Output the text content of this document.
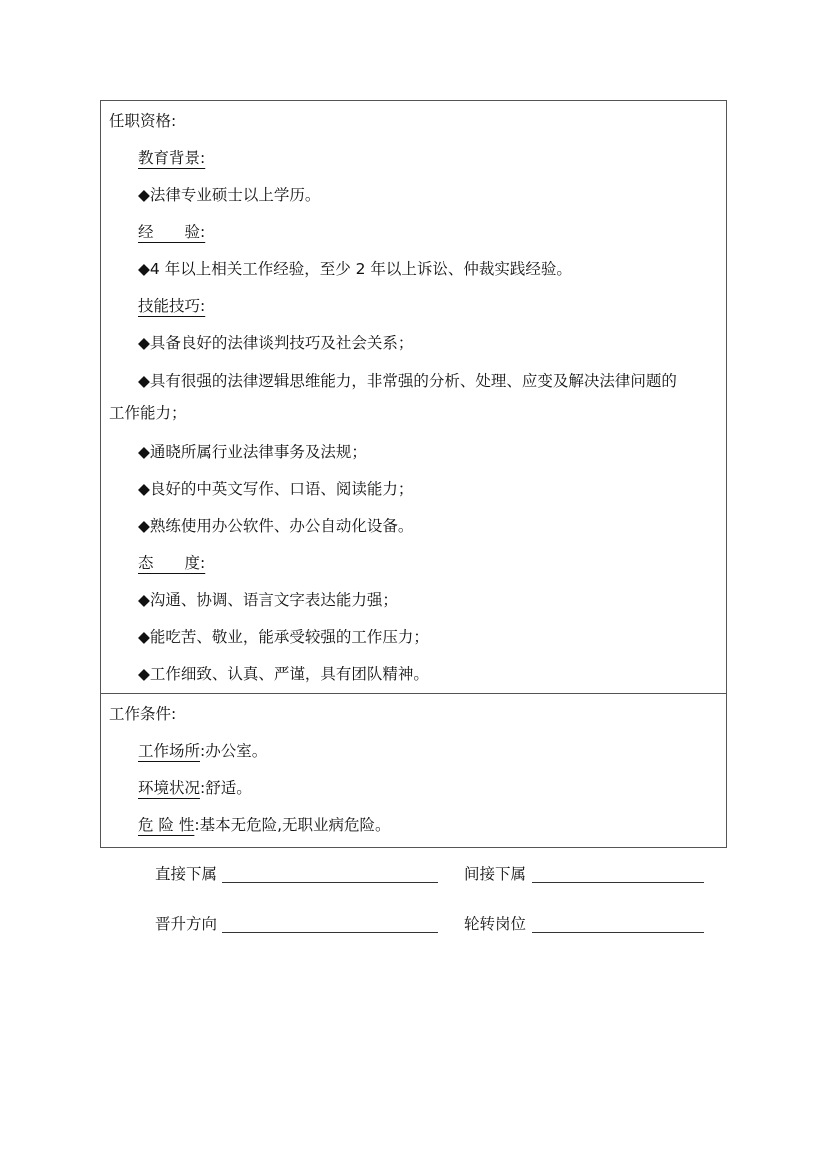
任职资格:
教育背景:
◆法律专业硕士以上学历。
经　　验:
◆4 年以上相关工作经验，至少 2 年以上诉讼、仲裁实践经验。
技能技巧:
◆具备良好的法律谈判技巧及社会关系；
◆具有很强的法律逻辑思维能力，非常强的分析、处理、应变及解决法律问题的
工作能力；
◆通晓所属行业法律事务及法规；
◆良好的中英文写作、口语、阅读能力；
◆熟练使用办公软件、办公自动化设备。
态　　度:
◆沟通、协调、语言文字表达能力强；
◆能吃苦、敬业，能承受较强的工作压力；
◆工作细致、认真、严谨，具有团队精神。
工作条件:
工作场所:办公室。
环境状况:舒适。
危 险 性:基本无危险,无职业病危险。
直接下属	间接下属
晋升方向	轮转岗位
